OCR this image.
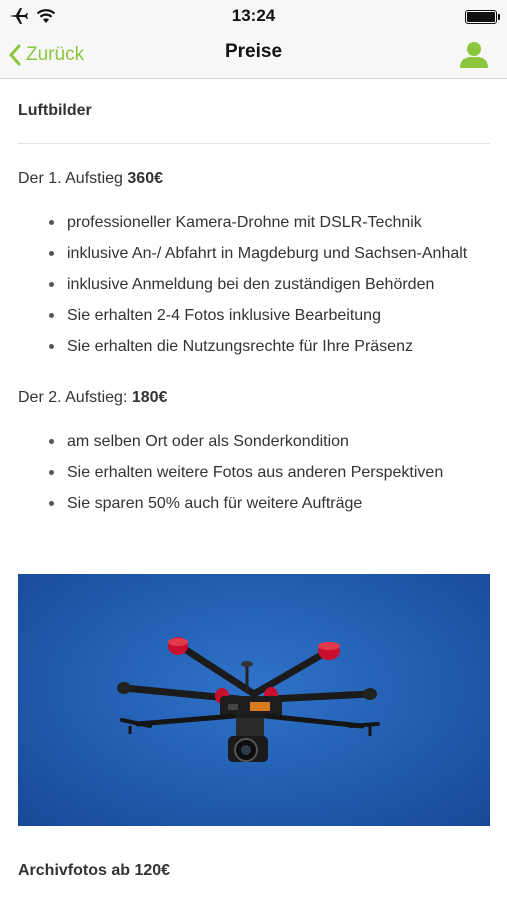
13:24
Zurück	Preise
Luftbilder
Der 1. Aufstieg 360€
professioneller Kamera-Drohne mit DSLR-Technik
inklusive An-/ Abfahrt in Magdeburg und Sachsen-Anhalt
inklusive Anmeldung bei den zuständigen Behörden
Sie erhalten 2-4 Fotos inklusive Bearbeitung
Sie erhalten die Nutzungsrechte für Ihre Präsenz
Der 2. Aufstieg: 180€
am selben Ort oder als Sonderkondition
Sie erhalten weitere Fotos aus anderen Perspektiven
Sie sparen 50% auch für weitere Aufträge
Archivfotos ab 120€
